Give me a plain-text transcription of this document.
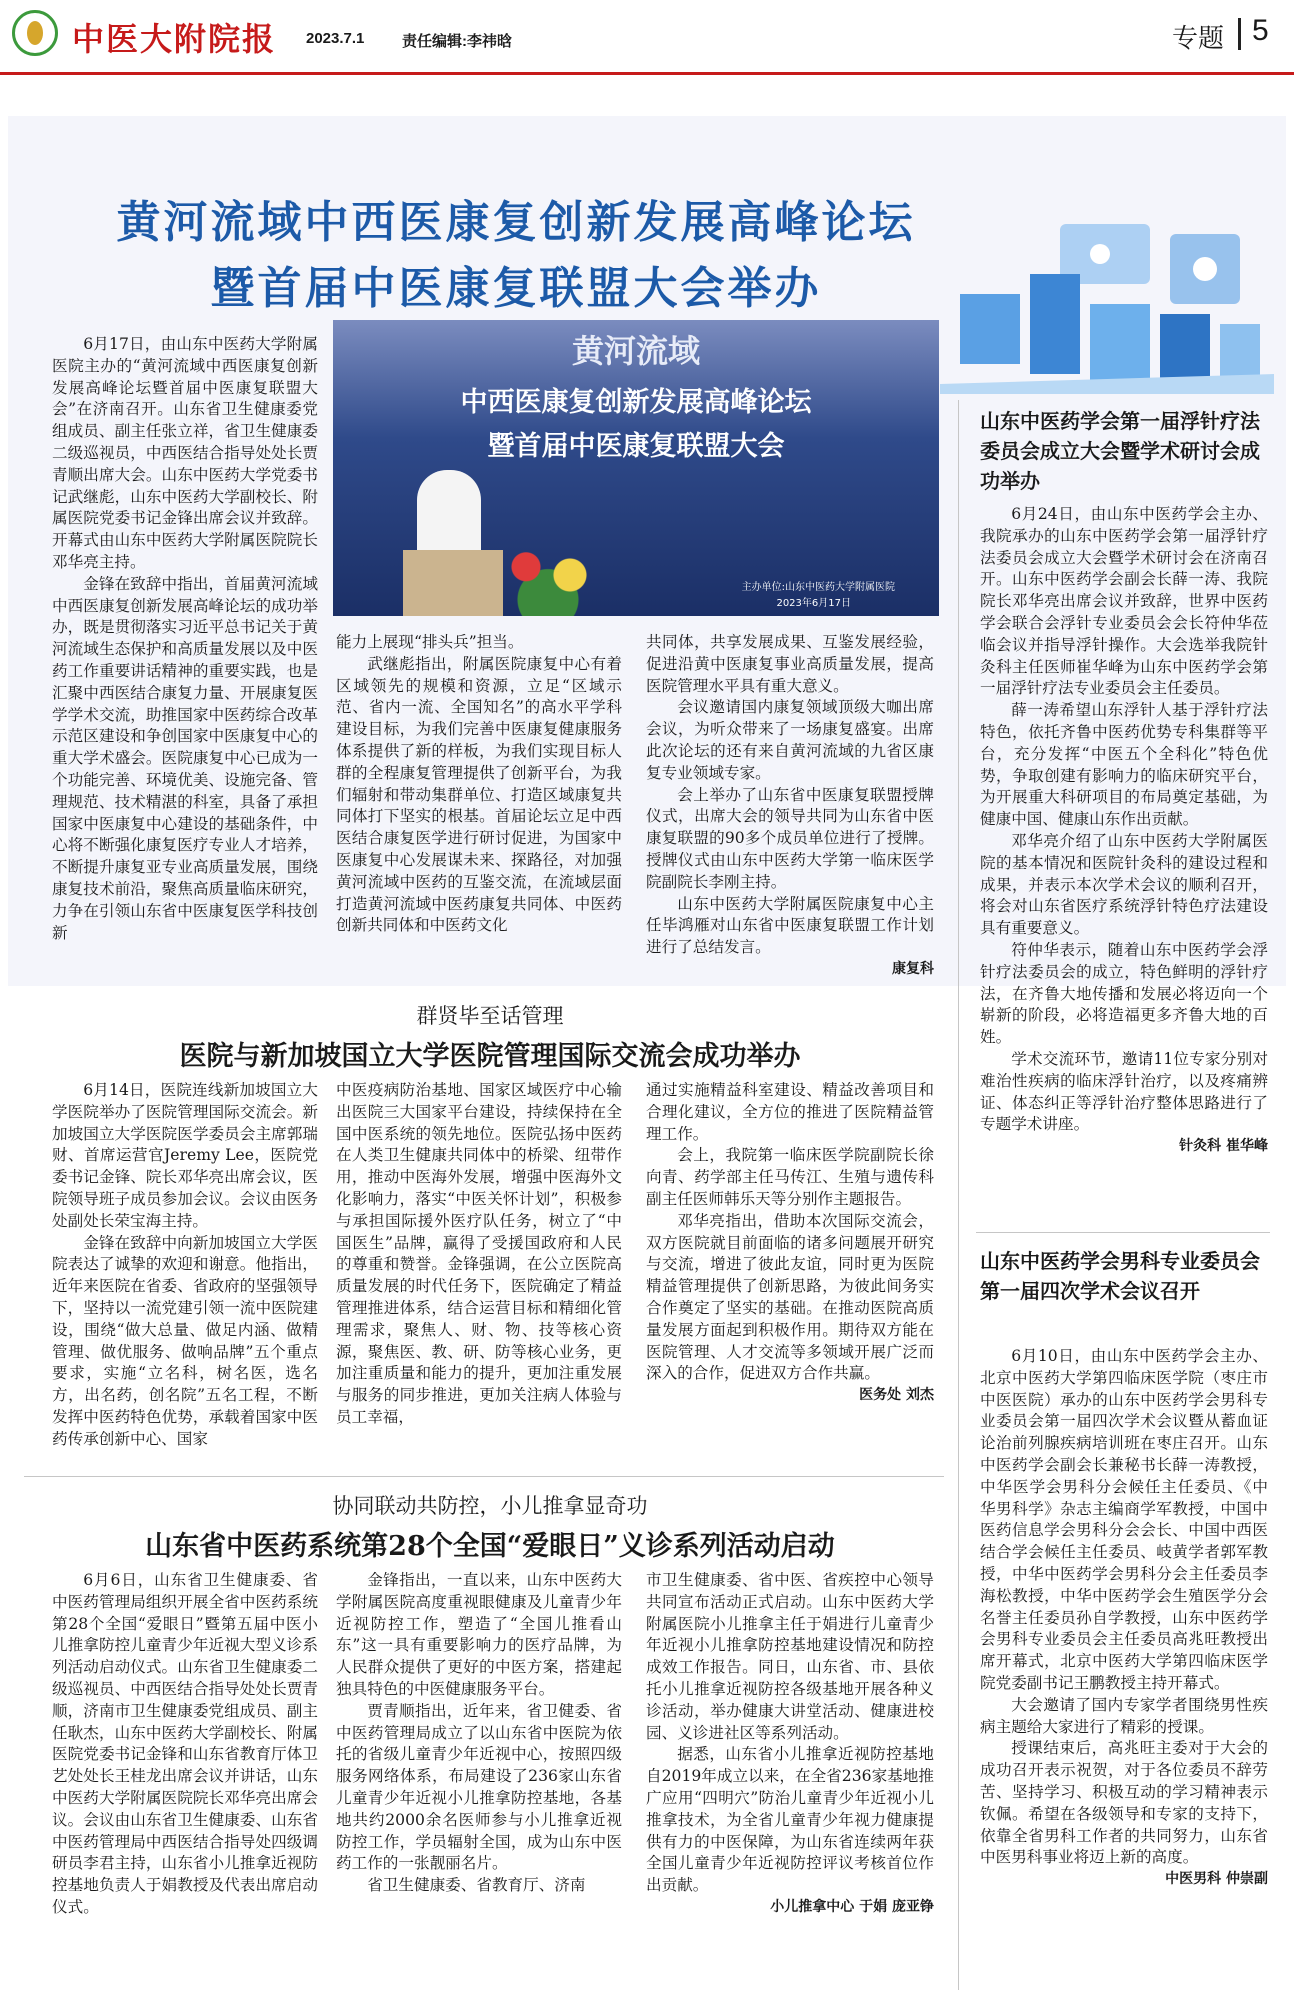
中医大附院报 2023.7.1	责任编辑:李祎晗	专题 5
黄河流域中西医康复创新发展高峰论坛
暨首届中医康复联盟大会举办
黄河流域
中西医康复创新发展高峰论坛
暨首届中医康复联盟大会
主办单位:山东中医药大学附属医院
2023年6月17日

6月17日，由山东中医药大学附属医院主办的“黄河流域中西医康复创新发展高峰论坛暨首届中医康复联盟大会”在济南召开。山东省卫生健康委党组成员、副主任张立祥，省卫生健康委二级巡视员，中西医结合指导处处长贾青顺出席大会。山东中医药大学党委书记武继彪，山东中医药大学副校长、附属医院党委书记金锋出席会议并致辞。开幕式由山东中医药大学附属医院院长邓华亮主持。

金锋在致辞中指出，首届黄河流域中西医康复创新发展高峰论坛的成功举办，既是贯彻落实习近平总书记关于黄河流域生态保护和高质量发展以及中医药工作重要讲话精神的重要实践，也是汇聚中西医结合康复力量、开展康复医学学术交流，助推国家中医药综合改革示范区建设和争创国家中医康复中心的重大学术盛会。医院康复中心已成为一个功能完善、环境优美、设施完备、管理规范、技术精湛的科室，具备了承担国家中医康复中心建设的基础条件，中心将不断强化康复医疗专业人才培养，不断提升康复亚专业高质量发展，围绕康复技术前沿，聚焦高质量临床研究，力争在引领山东省中医康复医学科技创新

能力上展现“排头兵”担当。

武继彪指出，附属医院康复中心有着区域领先的规模和资源，立足“区域示范、省内一流、全国知名”的高水平学科建设目标，为我们完善中医康复健康服务体系提供了新的样板，为我们实现目标人群的全程康复管理提供了创新平台，为我们辐射和带动集群单位、打造区域康复共同体打下坚实的根基。首届论坛立足中西医结合康复医学进行研讨促进，为国家中医康复中心发展谋未来、探路径，对加强黄河流域中医药的互鉴交流，在流域层面打造黄河流域中医药康复共同体、中医药创新共同体和中医药文化

共同体，共享发展成果、互鉴发展经验，促进沿黄中医康复事业高质量发展，提高医院管理水平具有重大意义。

会议邀请国内康复领域顶级大咖出席会议，为听众带来了一场康复盛宴。出席此次论坛的还有来自黄河流域的九省区康复专业领域专家。

会上举办了山东省中医康复联盟授牌仪式，出席大会的领导共同为山东省中医康复联盟的90多个成员单位进行了授牌。授牌仪式由山东中医药大学第一临床医学院副院长李刚主持。

山东中医药大学附属医院康复中心主任毕鸿雁对山东省中医康复联盟工作计划进行了总结发言。

康复科
群贤毕至话管理
医院与新加坡国立大学医院管理国际交流会成功举办

6月14日，医院连线新加坡国立大学医院举办了医院管理国际交流会。新加坡国立大学医院医学委员会主席郭瑞财、首席运营官Jeremy Lee，医院党委书记金锋、院长邓华亮出席会议，医院领导班子成员参加会议。会议由医务处副处长荣宝海主持。

金锋在致辞中向新加坡国立大学医院表达了诚挚的欢迎和谢意。他指出，近年来医院在省委、省政府的坚强领导下，坚持以一流党建引领一流中医院建设，围绕“做大总量、做足内涵、做精管理、做优服务、做响品牌”五个重点要求，实施“立名科，树名医，选名方，出名药，创名院”五名工程，不断发挥中医药特色优势，承载着国家中医药传承创新中心、国家

中医疫病防治基地、国家区域医疗中心输出医院三大国家平台建设，持续保持在全国中医系统的领先地位。医院弘扬中医药在人类卫生健康共同体中的桥梁、纽带作用，推动中医海外发展，增强中医海外文化影响力，落实“中医关怀计划”，积极参与承担国际援外医疗队任务，树立了“中国医生”品牌，赢得了受援国政府和人民的尊重和赞誉。金锋强调，在公立医院高质量发展的时代任务下，医院确定了精益管理推进体系，结合运营目标和精细化管理需求，聚焦人、财、物、技等核心资源，聚焦医、教、研、防等核心业务，更加注重质量和能力的提升，更加注重发展与服务的同步推进，更加关注病人体验与员工幸福，

通过实施精益科室建设、精益改善项目和合理化建议，全方位的推进了医院精益管理工作。

会上，我院第一临床医学院副院长徐向青、药学部主任马传江、生殖与遗传科副主任医师韩乐天等分别作主题报告。

邓华亮指出，借助本次国际交流会，双方医院就目前面临的诸多问题展开研究与交流，增进了彼此友谊，同时更为医院精益管理提供了创新思路，为彼此间务实合作奠定了坚实的基础。在推动医院高质量发展方面起到积极作用。期待双方能在医院管理、人才交流等多领域开展广泛而深入的合作，促进双方合作共赢。

医务处 刘杰
协同联动共防控，小儿推拿显奇功
山东省中医药系统第28个全国“爱眼日”义诊系列活动启动

6月6日，山东省卫生健康委、省中医药管理局组织开展全省中医药系统第28个全国“爱眼日”暨第五届中医小儿推拿防控儿童青少年近视大型义诊系列活动启动仪式。山东省卫生健康委二级巡视员、中西医结合指导处处长贾青顺，济南市卫生健康委党组成员、副主任耿杰，山东中医药大学副校长、附属医院党委书记金锋和山东省教育厅体卫艺处处长王桂龙出席会议并讲话，山东中医药大学附属医院院长邓华亮出席会议。会议由山东省卫生健康委、山东省中医药管理局中西医结合指导处四级调研员李君主持，山东省小儿推拿近视防控基地负责人于娟教授及代表出席启动仪式。

金锋指出，一直以来，山东中医药大学附属医院高度重视眼健康及儿童青少年近视防控工作，塑造了“全国儿推看山东”这一具有重要影响力的医疗品牌，为人民群众提供了更好的中医方案，搭建起独具特色的中医健康服务平台。

贾青顺指出，近年来，省卫健委、省中医药管理局成立了以山东省中医院为依托的省级儿童青少年近视中心，按照四级服务网络体系，布局建设了236家山东省儿童青少年近视小儿推拿防控基地，各基地共约2000余名医师参与小儿推拿近视防控工作，学员辐射全国，成为山东中医药工作的一张靓丽名片。

省卫生健康委、省教育厅、济南

市卫生健康委、省中医、省疾控中心领导共同宣布活动正式启动。山东中医药大学附属医院小儿推拿主任于娟进行儿童青少年近视小儿推拿防控基地建设情况和防控成效工作报告。同日，山东省、市、县依托小儿推拿近视防控各级基地开展各种义诊活动，举办健康大讲堂活动、健康进校园、义诊进社区等系列活动。

据悉，山东省小儿推拿近视防控基地自2019年成立以来，在全省236家基地推广应用“四明穴”防治儿童青少年近视小儿推拿技术，为全省儿童青少年视力健康提供有力的中医保障，为山东省连续两年获全国儿童青少年近视防控评议考核首位作出贡献。

小儿推拿中心 于娟 庞亚铮
山东中医药学会第一届浮针疗法委员会成立大会暨学术研讨会成功举办

6月24日，由山东中医药学会主办、我院承办的山东中医药学会第一届浮针疗法委员会成立大会暨学术研讨会在济南召开。山东中医药学会副会长薛一涛、我院院长邓华亮出席会议并致辞，世界中医药学会联合会浮针专业委员会会长符仲华莅临会议并指导浮针操作。大会选举我院针灸科主任医师崔华峰为山东中医药学会第一届浮针疗法专业委员会主任委员。

薛一涛希望山东浮针人基于浮针疗法特色，依托齐鲁中医药优势专科集群等平台，充分发挥“中医五个全科化”特色优势，争取创建有影响力的临床研究平台，为开展重大科研项目的布局奠定基础，为健康中国、健康山东作出贡献。

邓华亮介绍了山东中医药大学附属医院的基本情况和医院针灸科的建设过程和成果，并表示本次学术会议的顺利召开，将会对山东省医疗系统浮针特色疗法建设具有重要意义。

符仲华表示，随着山东中医药学会浮针疗法委员会的成立，特色鲜明的浮针疗法，在齐鲁大地传播和发展必将迈向一个崭新的阶段，必将造福更多齐鲁大地的百姓。

学术交流环节，邀请11位专家分别对难治性疾病的临床浮针治疗，以及疼痛辨证、体态纠正等浮针治疗整体思路进行了专题学术讲座。

针灸科 崔华峰
山东中医药学会男科专业委员会第一届四次学术会议召开

6月10日，由山东中医药学会主办、北京中医药大学第四临床医学院（枣庄市中医医院）承办的山东中医药学会男科专业委员会第一届四次学术会议暨从蓄血证论治前列腺疾病培训班在枣庄召开。山东中医药学会副会长兼秘书长薛一涛教授，中华医学会男科分会候任主任委员、《中华男科学》杂志主编商学军教授，中国中医药信息学会男科分会会长、中国中西医结合学会候任主任委员、岐黄学者郭军教授，中华中医药学会男科分会主任委员李海松教授，中华中医药学会生殖医学分会名誉主任委员孙自学教授，山东中医药学会男科专业委员会主任委员高兆旺教授出席开幕式，北京中医药大学第四临床医学院党委副书记王鹏教授主持开幕式。

大会邀请了国内专家学者围绕男性疾病主题给大家进行了精彩的授课。

授课结束后，高兆旺主委对于大会的成功召开表示祝贺，对于各位委员不辞劳苦、坚持学习、积极互动的学习精神表示钦佩。希望在各级领导和专家的支持下，依靠全省男科工作者的共同努力，山东省中医男科事业将迈上新的高度。

中医男科 仲崇副
